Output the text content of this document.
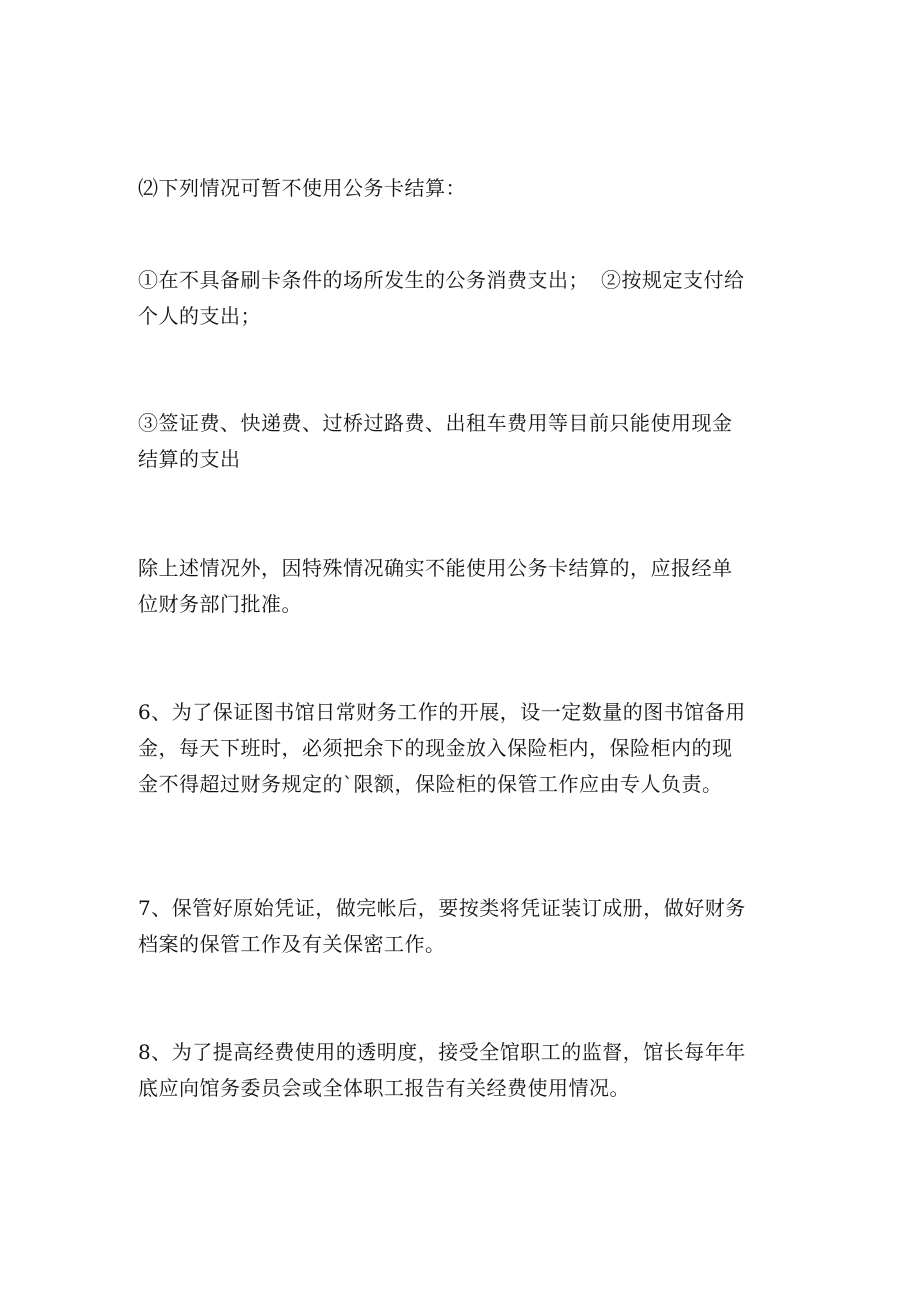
⑵下列情况可暂不使用公务卡结算：

①在不具备刷卡条件的场所发生的公务消费支出； ②按规定支付给
个人的支出；

③签证费、快递费、过桥过路费、出租车费用等目前只能使用现金
结算的支出

除上述情况外，因特殊情况确实不能使用公务卡结算的，应报经单
位财务部门批准。

6、为了保证图书馆日常财务工作的开展，设一定数量的图书馆备用
金，每天下班时，必须把余下的现金放入保险柜内，保险柜内的现
金不得超过财务规定的`限额，保险柜的保管工作应由专人负责。

7、保管好原始凭证，做完帐后，要按类将凭证装订成册，做好财务
档案的保管工作及有关保密工作。

8、为了提高经费使用的透明度，接受全馆职工的监督，馆长每年年
底应向馆务委员会或全体职工报告有关经费使用情况。
